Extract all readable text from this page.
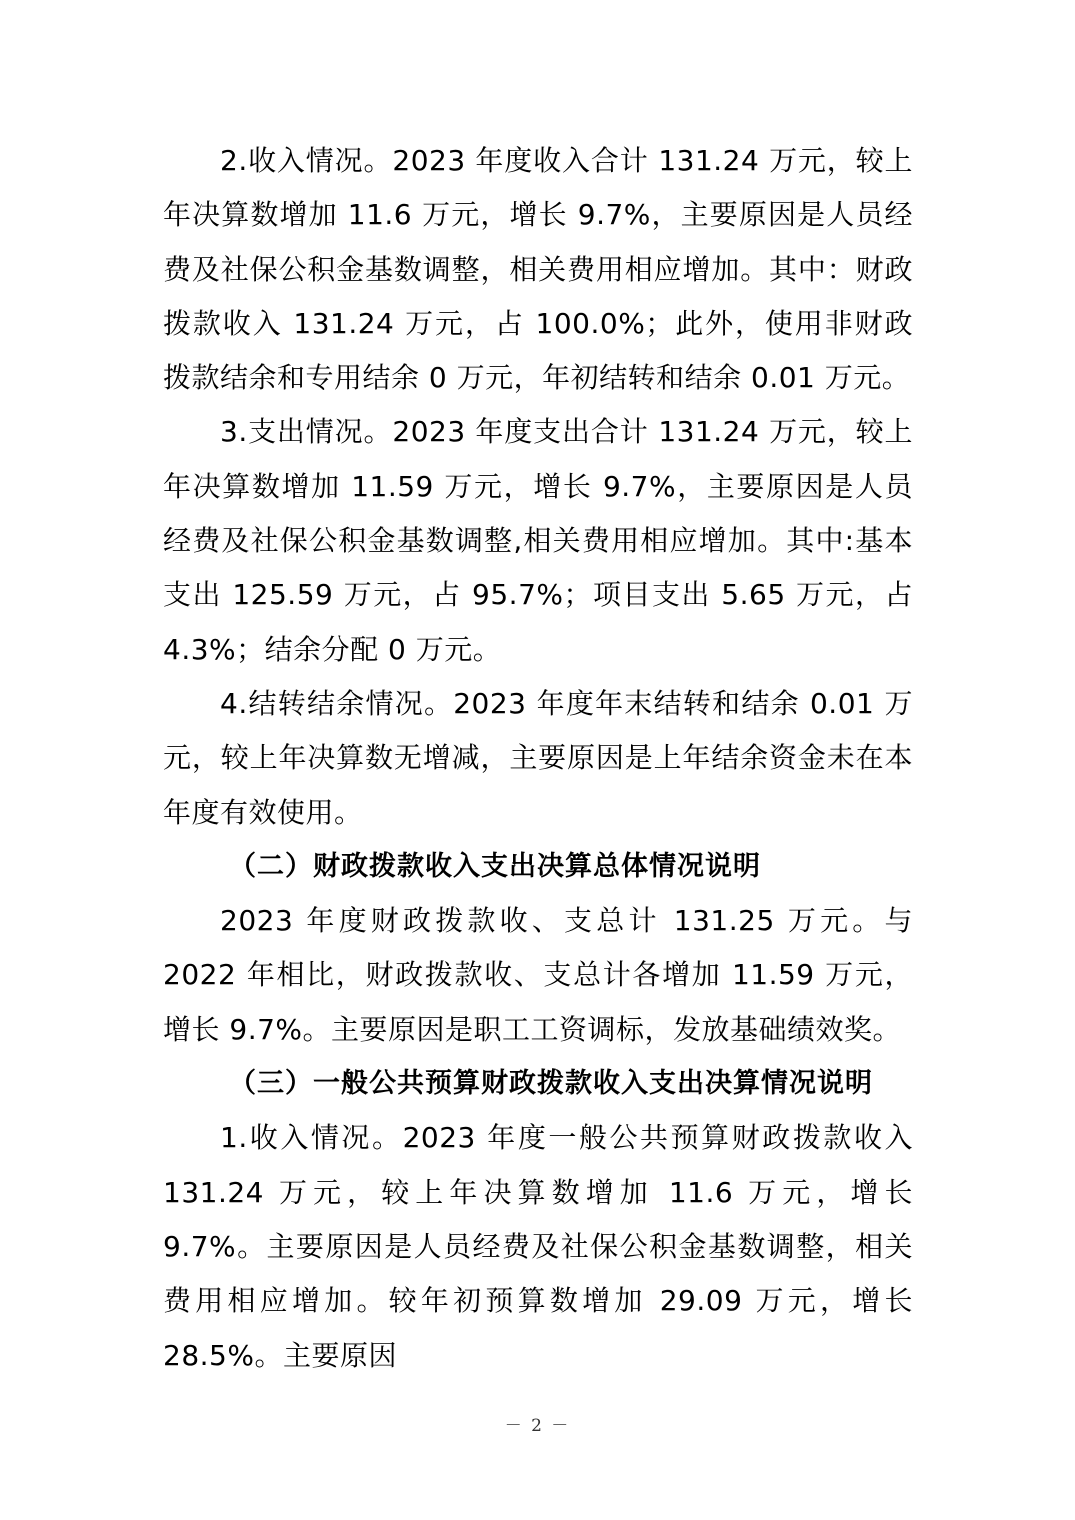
2.收入情况。2023 年度收入合计 131.24 万元，较上年决算数增加 11.6 万元，增长 9.7%，主要原因是人员经费及社保公积金基数调整，相关费用相应增加。其中：财政拨款收入 131.24 万元，占 100.0%；此外，使用非财政拨款结余和专用结余 0 万元，年初结转和结余 0.01 万元。

3.支出情况。2023 年度支出合计 131.24 万元，较上年决算数增加 11.59 万元，增长 9.7%，主要原因是人员经费及社保公积金基数调整,相关费用相应增加。其中:基本支出 125.59 万元，占 95.7%；项目支出 5.65 万元，占 4.3%；结余分配 0 万元。

4.结转结余情况。2023 年度年末结转和结余 0.01 万元，较上年决算数无增减，主要原因是上年结余资金未在本年度有效使用。

（二）财政拨款收入支出决算总体情况说明

2023 年度财政拨款收、支总计 131.25 万元。与 2022 年相比，财政拨款收、支总计各增加 11.59 万元，增长 9.7%。主要原因是职工工资调标，发放基础绩效奖。

（三）一般公共预算财政拨款收入支出决算情况说明

1.收入情况。2023 年度一般公共预算财政拨款收入 131.24 万元，较上年决算数增加 11.6 万元，增长 9.7%。主要原因是人员经费及社保公积金基数调整，相关费用相应增加。较年初预算数增加 29.09 万元，增长 28.5%。主要原因

－ 2 －
